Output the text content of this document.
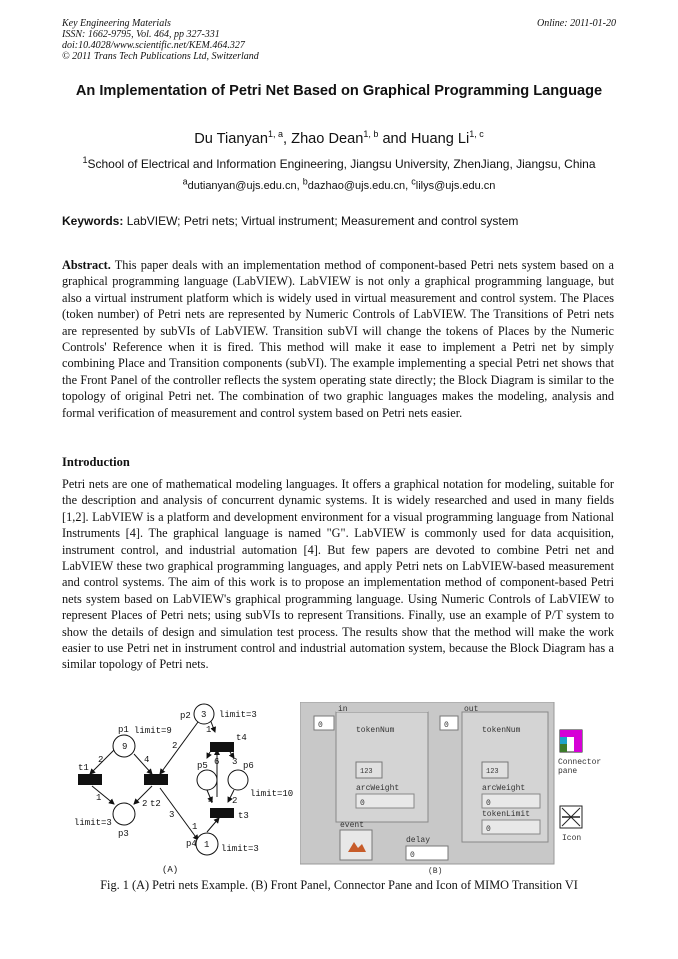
Key Engineering Materials
ISSN: 1662-9795, Vol. 464, pp 327-331
doi:10.4028/www.scientific.net/KEM.464.327
© 2011 Trans Tech Publications Ltd, Switzerland
Online: 2011-01-20
An Implementation of Petri Net Based on Graphical Programming Language
Du Tianyan$^{1, a}$, Zhao Dean$^{1, b}$ and Huang Li$^{1, c}$
$^1$School of Electrical and Information Engineering, Jiangsu University, ZhenJiang, Jiangsu, China
$^a$dutianyan@ujs.edu.cn, $^b$dazhao@ujs.edu.cn, $^c$lilys@ujs.edu.cn
Keywords: LabVIEW; Petri nets; Virtual instrument; Measurement and control system

Abstract. This paper deals with an implementation method of component-based Petri nets system based on a graphical programming language (LabVIEW). LabVIEW is not only a graphical programming language, but also a virtual instrument platform which is widely used in virtual measurement and control system. The Places (token number) of Petri nets are represented by Numeric Controls of LabVIEW. The Transitions of Petri nets are represented by subVIs of LabVIEW. Transition subVI will change the tokens of Places by the Numeric Controls' Reference when it is fired. This method will make it ease to implement a Petri net by simply combining Place and Transition components (subVI). The example implementing a special Petri net shows that the Front Panel of the controller reflects the system operating state directly; the Block Diagram is similar to the topology of original Petri net. The combination of two graphic languages makes the modeling, analysis and formal verification of measurement and control system based on Petri nets easier.

Introduction

Petri nets are one of mathematical modeling languages. It offers a graphical notation for modeling, suitable for the description and analysis of concurrent dynamic systems. It is widely researched and used in many fields [1,2]. LabVIEW is a platform and development environment for a visual programming language from National Instruments [4]. The graphical language is named "G". LabVIEW is commonly used for data acquisition, instrument control, and industrial automation [4]. But few papers are devoted to combine Petri net and LabVIEW these two graphical programming languages, and apply Petri nets on LabVIEW-based measurement and control systems. The aim of this work is to propose an implementation method of component-based Petri nets system based on LabVIEW's graphical programming language. Using Numeric Controls of LabVIEW to represent Places of Petri nets; using subVIs to represent Transitions. Finally, use an example of P/T system to show the details of design and simulation test process. The results show that the method will make the work easier to use Petri net in instrument control and industrial automation system, because the Block Diagram has a similar topology of Petri nets.

9
3
1
p1
p2
p3
p4
p5	p6
limit=9
limit=3
limit=3
limit=3
limit=10
t1
t2
t3
t4
2	4
2
1
2
3
1
6 3
4 2
1
(A)
in	out
0	0
tokenNum	tokenNum
123	123
arcWeight	arcWeight
0	0
tokenLimit
0
event
delay
0
Connector
pane
Icon
(B)
Fig. 1 (A) Petri nets Example. (B) Front Panel, Connector Pane and Icon of MIMO Transition VI
